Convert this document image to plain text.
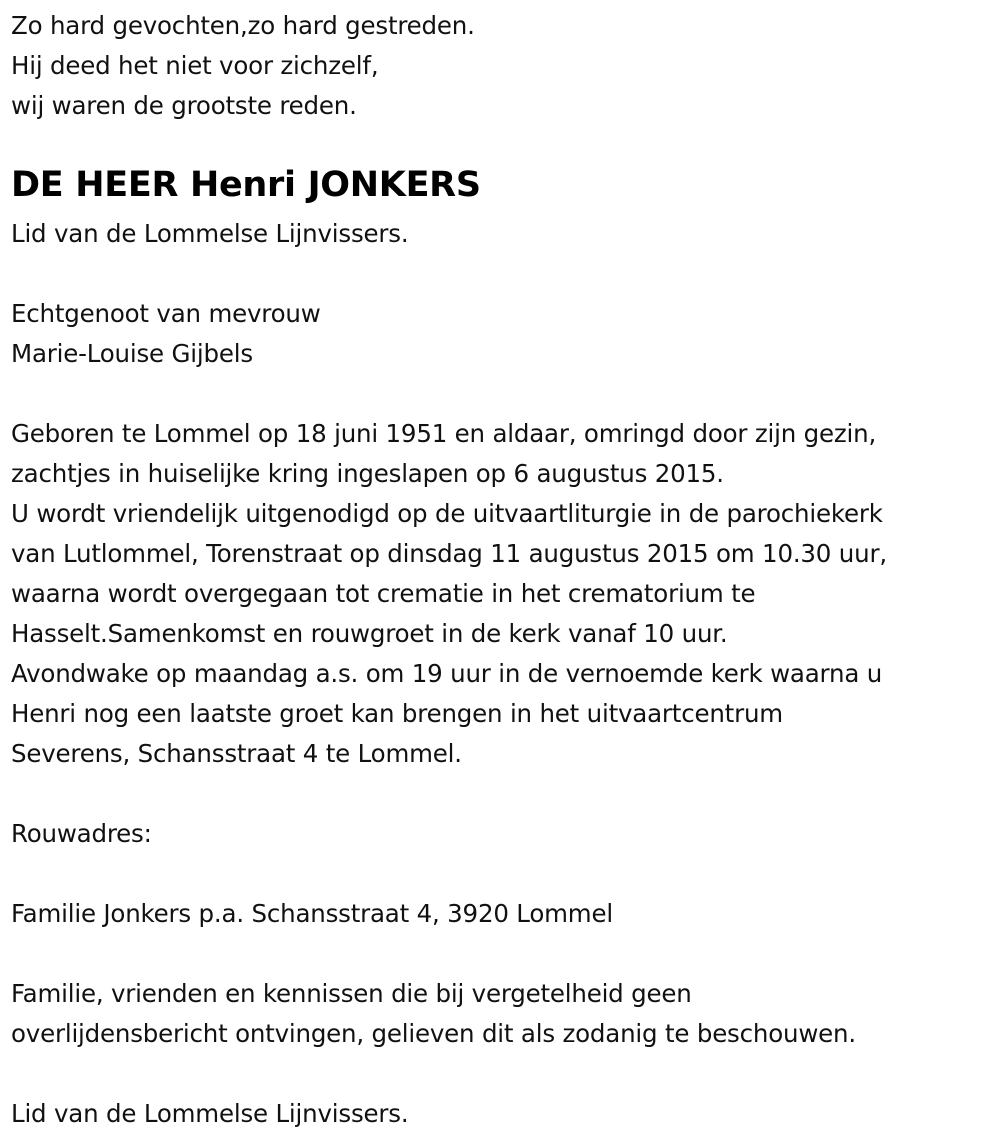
Zo hard gevochten,zo hard gestreden.
Hij deed het niet voor zichzelf,
wij waren de grootste reden.
DE HEER Henri JONKERS
Lid van de Lommelse Lijnvissers.
Echtgenoot van mevrouw
Marie-Louise Gijbels
Geboren te Lommel op 18 juni 1951 en aldaar, omringd door zijn gezin,
zachtjes in huiselijke kring ingeslapen op 6 augustus 2015.
U wordt vriendelijk uitgenodigd op de uitvaartliturgie in de parochiekerk
van Lutlommel, Torenstraat op dinsdag 11 augustus 2015 om 10.30 uur,
waarna wordt overgegaan tot crematie in het crematorium te
Hasselt.Samenkomst en rouwgroet in de kerk vanaf 10 uur.
Avondwake op maandag a.s. om 19 uur in de vernoemde kerk waarna u
Henri nog een laatste groet kan brengen in het uitvaartcentrum
Severens, Schansstraat 4 te Lommel.
Rouwadres:
Familie Jonkers p.a. Schansstraat 4, 3920 Lommel
Familie, vrienden en kennissen die bij vergetelheid geen
overlijdensbericht ontvingen, gelieven dit als zodanig te beschouwen.
Lid van de Lommelse Lijnvissers.
